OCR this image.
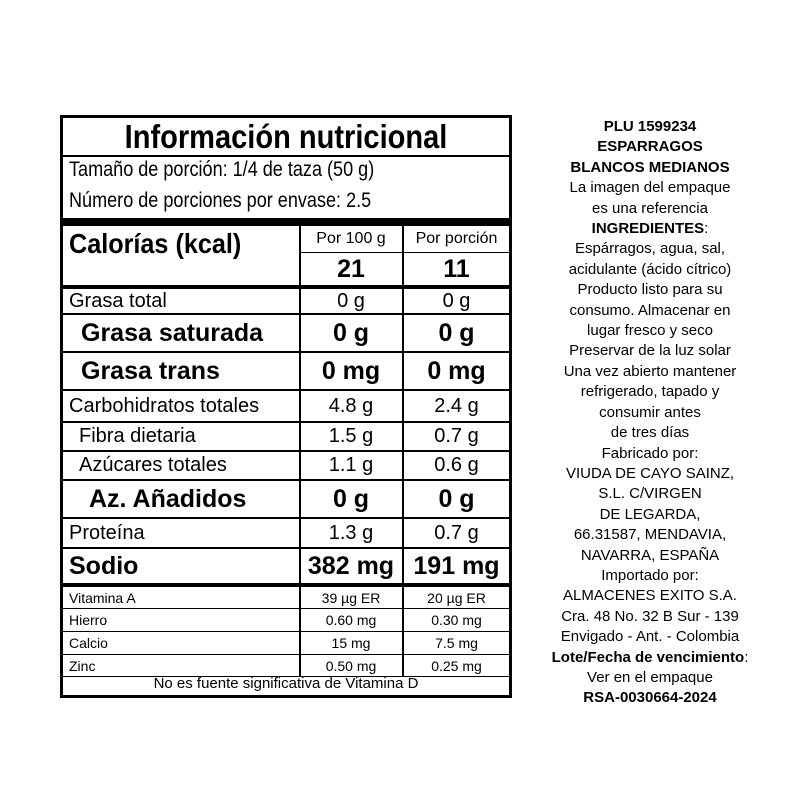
Información nutricional
Tamaño de porción: 1/4 de taza (50 g)
Número de porciones por envase: 2.5
Calorías (kcal)	Por 100 g	Por porción
21	11
Grasa total	0 g	0 g
Grasa saturada	0 g	0 g
Grasa trans	0 mg	0 mg
Carbohidratos totales	4.8 g	2.4 g
Fibra dietaria	1.5 g	0.7 g
Azúcares totales	1.1 g	0.6 g
Az. Añadidos	0 g	0 g
Proteína	1.3 g	0.7 g
Sodio	382 mg 191 mg
Vitamina A	39 µg ER	20 µg ER
Hierro	0.60 mg	0.30 mg
Calcio	15 mg	7.5 mg
Zinc	0.50 mg	0.25 mg
No es fuente significativa de Vitamina D
PLU 1599234
ESPARRAGOS
BLANCOS MEDIANOS
La imagen del empaque
es una referencia
INGREDIENTES:
Espárragos, agua, sal,
acidulante (ácido cítrico)
Producto listo para su
consumo. Almacenar en
lugar fresco y seco
Preservar de la luz solar
Una vez abierto mantener
refrigerado, tapado y
consumir antes
de tres días
Fabricado por:
VIUDA DE CAYO SAINZ,
S.L. C/VIRGEN
DE LEGARDA,
66.31587, MENDAVIA,
NAVARRA, ESPAÑA
Importado por:
ALMACENES EXITO S.A.
Cra. 48 No. 32 B Sur - 139
Envigado - Ant. - Colombia
Lote/Fecha de vencimiento:
Ver en el empaque
RSA-0030664-2024
